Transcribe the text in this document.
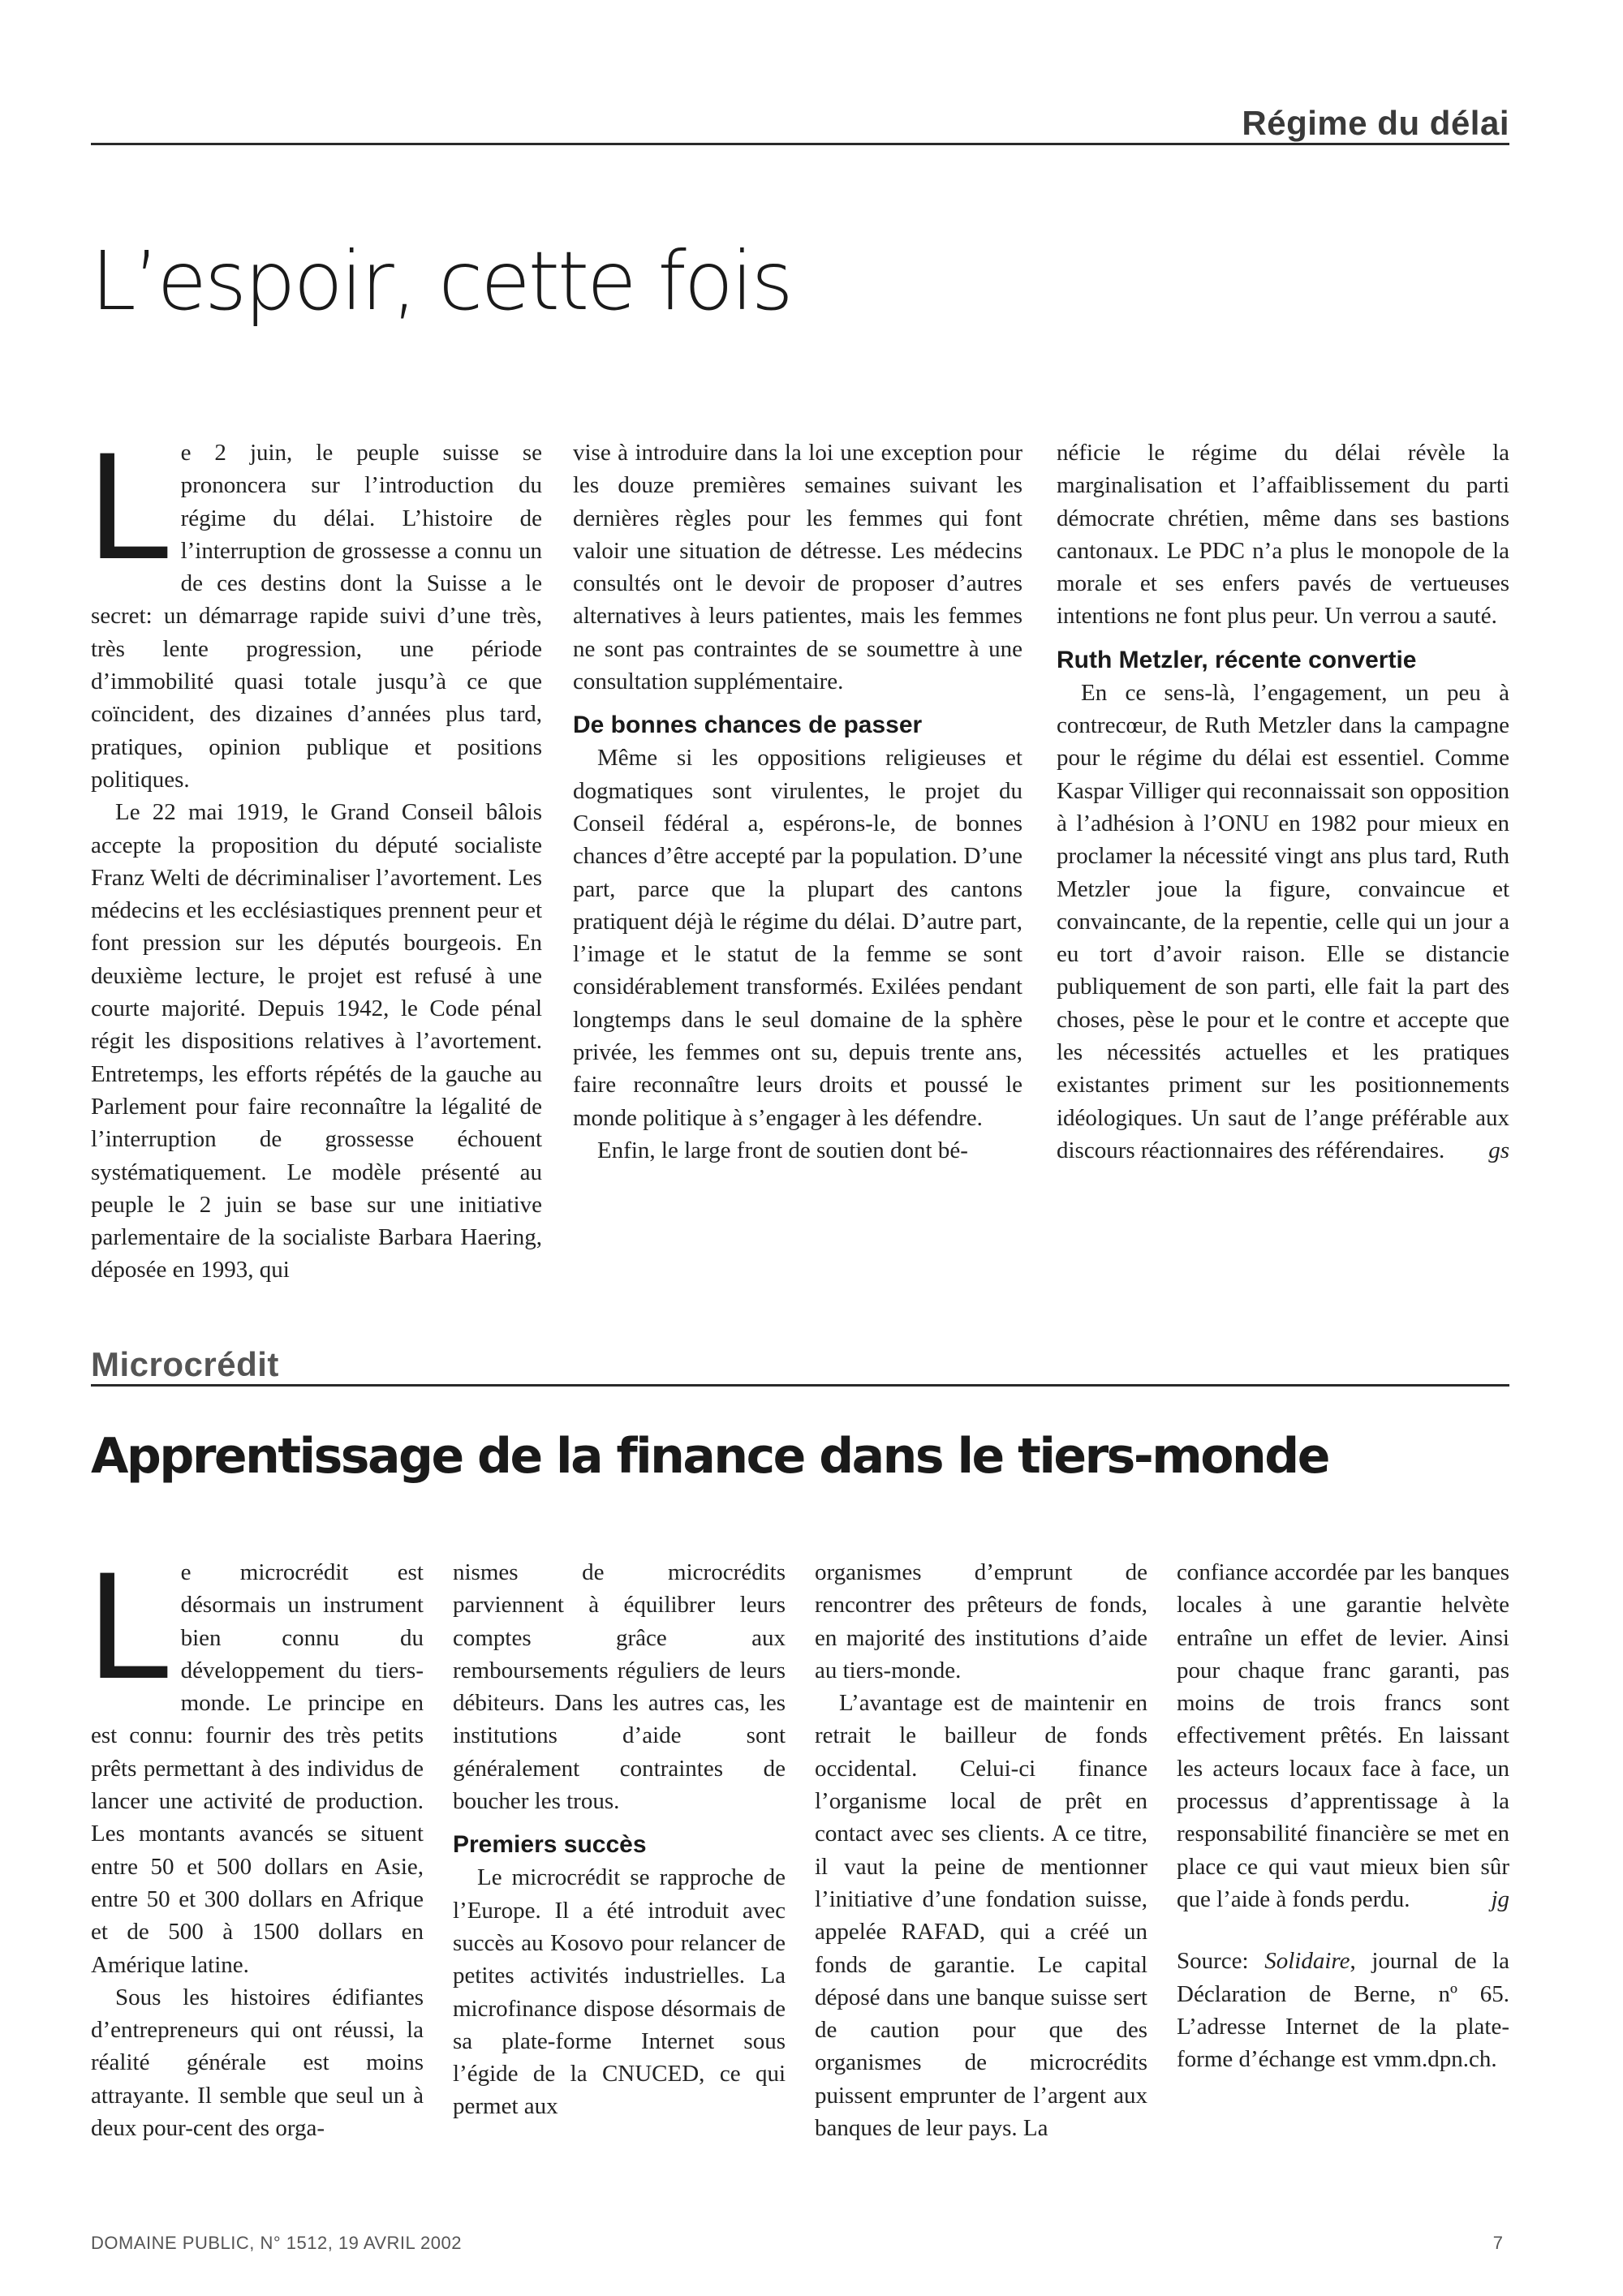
Régime du délai
L’espoir, cette fois
L e 2 juin, le peuple suisse se prononcera sur l’introduction du régime du délai. L’histoire de l’interruption de grossesse a connu un de ces destins dont la Suisse a le secret: un démarrage rapide suivi d’une très, très lente progression, une période d’immobilité quasi totale jusqu’à ce que coïncident, des dizaines d’années plus tard, pratiques, opinion publique et positions politiques.

Le 22 mai 1919, le Grand Conseil bâlois accepte la proposition du député socialiste Franz Welti de décriminaliser l’avortement. Les médecins et les ecclésiastiques prennent peur et font pression sur les députés bourgeois. En deuxième lecture, le projet est refusé à une courte majorité. Depuis 1942, le Code pénal régit les dispositions relatives à l’avortement. Entretemps, les efforts répétés de la gauche au Parlement pour faire reconnaître la légalité de l’interruption de grossesse échouent systématiquement. Le modèle présenté au peuple le 2 juin se base sur une initiative parlementaire de la socialiste Barbara Haering, déposée en 1993, qui

vise à introduire dans la loi une exception pour les douze premières semaines suivant les dernières règles pour les femmes qui font valoir une situation de détresse. Les médecins consultés ont le devoir de proposer d’autres alternatives à leurs patientes, mais les femmes ne sont pas contraintes de se soumettre à une consultation supplémentaire.

De bonnes chances de passer

Même si les oppositions religieuses et dogmatiques sont virulentes, le projet du Conseil fédéral a, espérons-le, de bonnes chances d’être accepté par la population. D’une part, parce que la plupart des cantons pratiquent déjà le régime du délai. D’autre part, l’image et le statut de la femme se sont considérablement transformés. Exilées pendant longtemps dans le seul domaine de la sphère privée, les femmes ont su, depuis trente ans, faire reconnaître leurs droits et poussé le monde politique à s’engager à les défendre.

Enfin, le large front de soutien dont bé-

néficie le régime du délai révèle la marginalisation et l’affaiblissement du parti démocrate chrétien, même dans ses bastions cantonaux. Le PDC n’a plus le monopole de la morale et ses enfers pavés de vertueuses intentions ne font plus peur. Un verrou a sauté.

Ruth Metzler, récente convertie

En ce sens-là, l’engagement, un peu à contrecœur, de Ruth Metzler dans la campagne pour le régime du délai est essentiel. Comme Kaspar Villiger qui reconnaissait son opposition à l’adhésion à l’ONU en 1982 pour mieux en proclamer la nécessité vingt ans plus tard, Ruth Metzler joue la figure, convaincue et convaincante, de la repentie, celle qui un jour a eu tort d’avoir raison. Elle se distancie publiquement de son parti, elle fait la part des choses, pèse le pour et le contre et accepte que les nécessités actuelles et les pratiques existantes priment sur les positionnements idéologiques. Un saut de l’ange préférable aux discours réactionnaires des référendaires.	gs

Microcrédit
Apprentissage de la finance dans le tiers-monde
L e microcrédit est désormais un instrument bien connu du développement du tiers-monde. Le principe en est connu: fournir des très petits prêts permettant à des individus de lancer une activité de production. Les montants avancés se situent entre 50 et 500 dollars en Asie, entre 50 et 300 dollars en Afrique et de 500 à 1500 dollars en Amérique latine.

Sous les histoires édifiantes d’entrepreneurs qui ont réussi, la réalité générale est moins attrayante. Il semble que seul un à deux pour-cent des orga-

nismes de microcrédits parviennent à équilibrer leurs comptes grâce aux remboursements réguliers de leurs débiteurs. Dans les autres cas, les institutions d’aide sont généralement contraintes de boucher les trous.

Premiers succès

Le microcrédit se rapproche de l’Europe. Il a été introduit avec succès au Kosovo pour relancer de petites activités industrielles. La microfinance dispose désormais de sa plate-forme Internet sous l’égide de la CNUCED, ce qui permet aux

organismes d’emprunt de rencontrer des prêteurs de fonds, en majorité des institutions d’aide au tiers-monde.

L’avantage est de maintenir en retrait le bailleur de fonds occidental. Celui-ci finance l’organisme local de prêt en contact avec ses clients. A ce titre, il vaut la peine de mentionner l’initiative d’une fondation suisse, appelée RAFAD, qui a créé un fonds de garantie. Le capital déposé dans une banque suisse sert de caution pour que des organismes de microcrédits puissent emprunter de l’argent aux banques de leur pays. La

confiance accordée par les banques locales à une garantie helvète entraîne un effet de levier. Ainsi pour chaque franc garanti, pas moins de trois francs sont effectivement prêtés. En laissant les acteurs locaux face à face, un processus d’apprentissage à la responsabilité financière se met en place ce qui vaut mieux bien sûr que l’aide à fonds perdu.	jg

Source: Solidaire, journal de la Déclaration de Berne, nº 65. L’adresse Internet de la plate-forme d’échange est vmm.dpn.ch.

DOMAINE PUBLIC, N° 1512, 19 AVRIL 2002	7
